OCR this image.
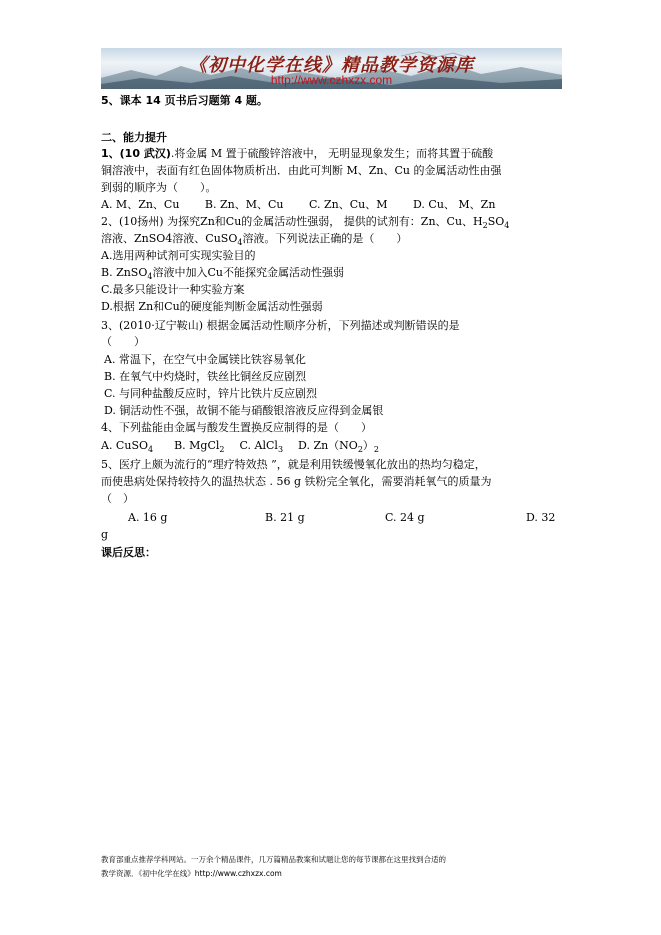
《初中化学在线》精品教学资源库
http://www.czhxzx.com
5、课本 14 页书后习题第 4 题。
二、能力提升
1、(10 武汉).将金属 M 置于硫酸锌溶液中， 无明显现象发生；而将其置于硫酸
铜溶液中，表面有红色固体物质析出．由此可判断 M、Zn、Cu 的金属活动性由强
到弱的顺序为（　　）。
A. M、Zn、Cu　　 B. Zn、M、Cu　　 C. Zn、Cu、M　　 D. Cu、 M、Zn
2、(10扬州) 为探究Zn和Cu的金属活动性强弱， 提供的试剂有：Zn、Cu、$H_2SO_4$
溶液、ZnSO4溶液、CuSO$_4$溶液。下列说法正确的是（　　）
A.选用两种试剂可实现实验目的
B. ZnSO$_4$溶液中加入Cu不能探究金属活动性强弱
C.最多只能设计一种实验方案
D.根据 Zn和Cu的硬度能判断金属活动性强弱
3、(2010·辽宁鞍山) 根据金属活动性顺序分析，下列描述或判断错误的是
（　　）
A. 常温下，在空气中金属镁比铁容易氧化
B. 在氧气中灼烧时，铁丝比铜丝反应剧烈
C. 与同种盐酸反应时，锌片比铁片反应剧烈
D. 铜活动性不强，故铜不能与硝酸银溶液反应得到金属银
4、下列盐能由金属与酸发生置换反应制得的是（　　）
A. CuSO$_4$ B. MgCl$_2$ C. AlCl$_3$ D. $Zn(NO_2)_2$
5、医疗上颇为流行的“理疗特效热 ”，就是利用铁缓慢氧化放出的热均匀稳定，
而使患病处保持较持久的温热状态 . 56 g 铁粉完全氧化，需要消耗氧气的质量为
（　）
A. 16 g	B. 21 g	C. 24 g	D. 32
g
课后反思：
教育部重点推荐学科网站。一万余个精品课件，几万篇精品教案和试题让您的每节课都在这里找到合适的
教学资源．《初中化学在线》http://www.czhxzx.com
